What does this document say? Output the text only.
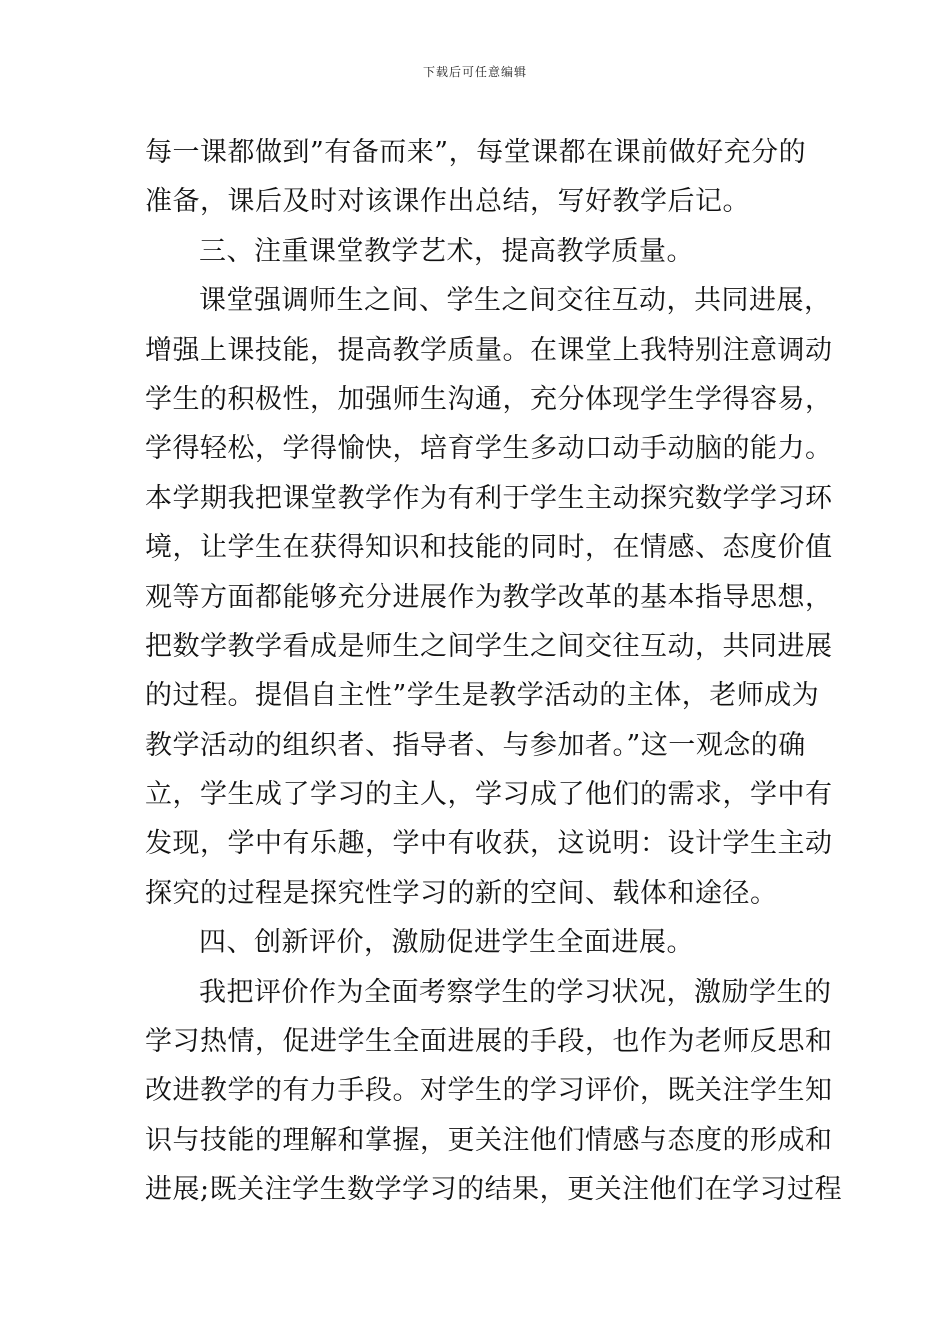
下载后可任意编辑
每一课都做到”有备而来”，每堂课都在课前做好充分的
准备，课后及时对该课作出总结，写好教学后记。
三、注重课堂教学艺术，提高教学质量。
课堂强调师生之间、学生之间交往互动，共同进展，
增强上课技能，提高教学质量。在课堂上我特别注意调动
学生的积极性，加强师生沟通，充分体现学生学得容易，
学得轻松，学得愉快，培育学生多动口动手动脑的能力。
本学期我把课堂教学作为有利于学生主动探究数学学习环
境，让学生在获得知识和技能的同时，在情感、态度价值
观等方面都能够充分进展作为教学改革的基本指导思想，
把数学教学看成是师生之间学生之间交往互动，共同进展
的过程。提倡自主性”学生是教学活动的主体，老师成为
教学活动的组织者、指导者、与参加者。”这一观念的确
立，学生成了学习的主人，学习成了他们的需求，学中有
发现，学中有乐趣，学中有收获，这说明：设计学生主动
探究的过程是探究性学习的新的空间、载体和途径。
四、创新评价，激励促进学生全面进展。
我把评价作为全面考察学生的学习状况，激励学生的
学习热情，促进学生全面进展的手段，也作为老师反思和
改进教学的有力手段。对学生的学习评价，既关注学生知
识与技能的理解和掌握，更关注他们情感与态度的形成和
进展;既关注学生数学学习的结果，更关注他们在学习过程
